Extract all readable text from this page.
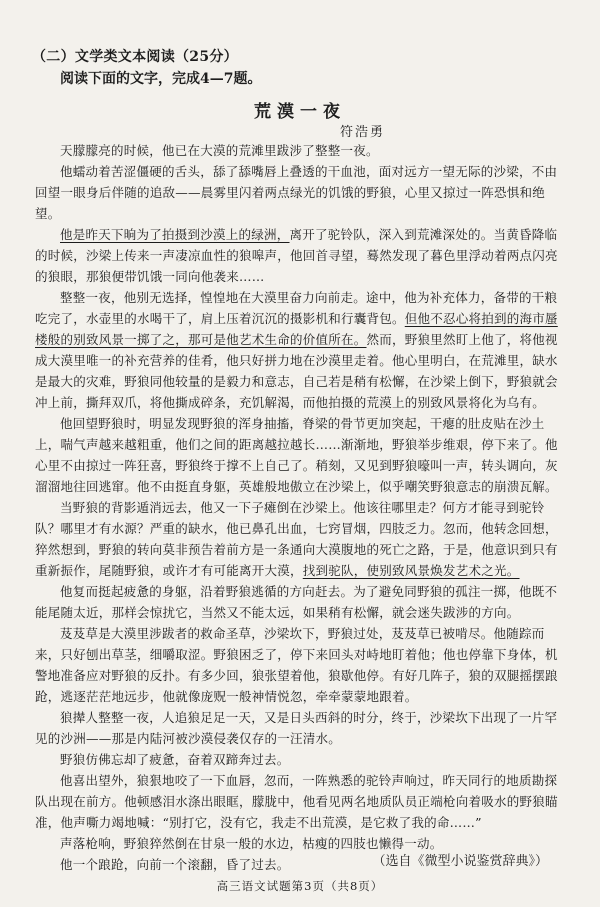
（二）文学类文本阅读（25分）
阅读下面的文字，完成4—7题。
荒漠一夜
符浩勇

天朦朦亮的时候，他已在大漠的荒滩里跋涉了整整一夜。

他蠕动着苦涩僵硬的舌头，舔了舔嘴唇上叠透的干血池，面对远方一望无际的沙梁，不由回望一眼身后伴随的追敌——晨雾里闪着两点绿光的饥饿的野狼，心里又掠过一阵恐惧和绝望。

他是昨天下晌为了拍摄到沙漠上的绿洲，离开了驼铃队，深入到荒滩深处的。当黄昏降临的时候，沙梁上传来一声凄凉血性的狼嗥声，他回首寻望，蓦然发现了暮色里浮动着两点闪亮的狼眼，那狼便带饥饿一同向他袭来……

整整一夜，他别无选择，惶惶地在大漠里奋力向前走。途中，他为补充体力，备带的干粮吃完了，水壶里的水喝干了，肩上压着沉沉的摄影机和行囊背包。但他不忍心将拍到的海市蜃楼般的别致风景一掷了之，那可是他艺术生命的价值所在。然而，野狼里然盯上他了，将他视成大漠里唯一的补充营养的佳肴，他只好拼力地在沙漠里走着。他心里明白，在荒滩里，缺水是最大的灾难，野狼同他较量的是毅力和意志，自己若是稍有松懈，在沙梁上倒下，野狼就会冲上前，撕拜双爪，将他撕成碎条，充饥解渴，而他拍摄的荒漠上的别致风景将化为乌有。

他回望野狼时，明显发现野狼的浑身抽搐，脊梁的骨节更加突起，干瘪的肚皮贴在沙土上，喘气声越来越粗重，他们之间的距离越拉越长……渐渐地，野狼举步维艰，停下来了。他心里不由掠过一阵狂喜，野狼终于撑不上自己了。稍刻，又见到野狼嚎叫一声，转头调向，灰溜溜地往回逃窜。他不由挺直身躯，英雄般地傲立在沙梁上，似乎嘲笑野狼意志的崩溃瓦解。

当野狼的背影遁消远去，他又一下子瘫倒在沙梁上。他该往哪里走？何方才能寻到驼铃队？哪里才有水源？严重的缺水，他已鼻孔出血，七窍冒烟，四肢乏力。忽而，他转念回想，猝然想到，野狼的转向莫非预告着前方是一条通向大漠腹地的死亡之路，于是，他意识到只有重新振作，尾随野狼，或许才有可能离开大漠，找到驼队，使别致风景焕发艺术之光。

他复而挺起疲惫的身躯，沿着野狼逃循的方向赶去。为了避免同野狼的孤注一掷，他既不能尾随太近，那样会惊扰它，当然又不能太远，如果稍有松懈，就会迷失跋涉的方向。

芨芨草是大漠里涉跋者的救命圣草，沙梁坎下，野狼过处，芨芨草已被啃尽。他随踪而来，只好刨出草茎，细嚼取涩。野狼困乏了，停下来回头对峙地盯着他；他也停靠下身体，机警地准备应对野狼的反扑。有多少回，狼张望着他，狼歇他停。有好几阵子，狼的双腿摇摆踉跄，逃逐茫茫地远步，他就像庞贶一般神情悦忽，牵牵蒙蒙地跟着。

狼撵人整整一夜，人追狼足足一天，又是日头西斜的时分，终于，沙梁坎下出现了一片罕见的沙洲——那是内陆河被沙漠侵袭仅存的一汪清水。

野狼仿佛忘却了疲惫，奋着双蹄奔过去。

他喜出望外，狼狠地咬了一下血唇，忽而，一阵熟悉的驼铃声响过，昨天同行的地质勘探队出现在前方。他顿感泪水涤出眼眶，朦胧中，他看见两名地质队员正端枪向着吸水的野狼瞄准，他声嘶力竭地喊：“别打它，没有它，我走不出荒漠，是它救了我的命……”

声落枪响，野狼猝然倒在甘泉一般的水边，枯瘦的四肢也懒得一动。

他一个踉跄，向前一个滚翻，昏了过去。	（选自《微型小说鉴赏辞典》）
高三语文试题第3页（共8页）
